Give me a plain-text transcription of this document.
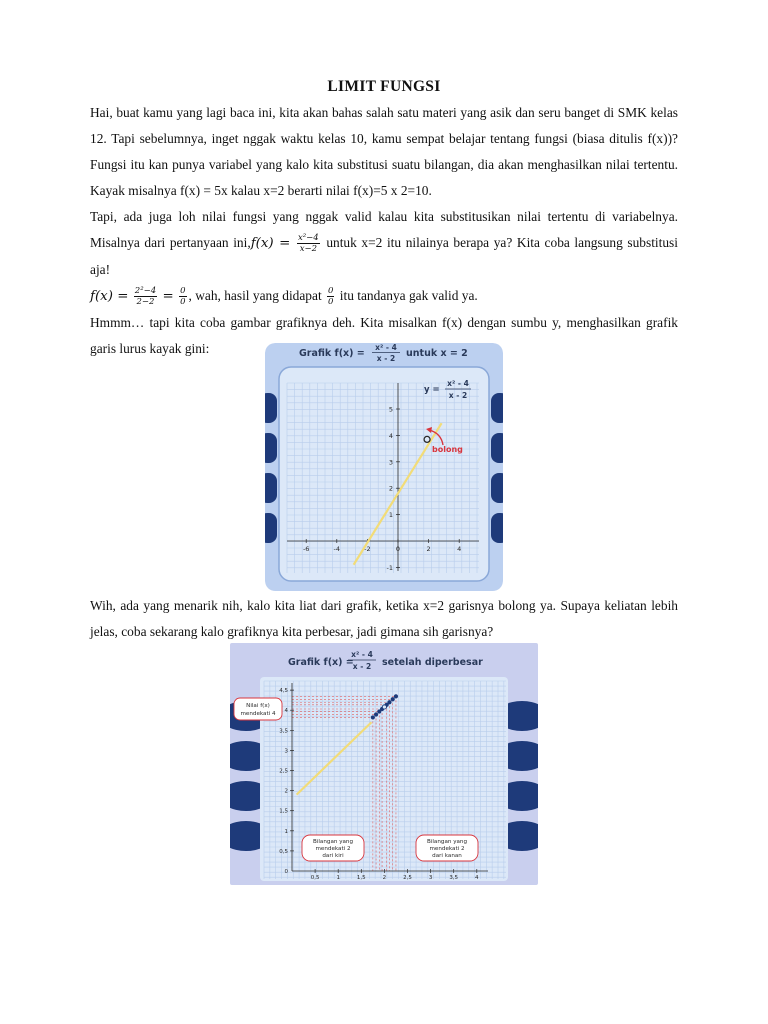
LIMIT FUNGSI

Hai, buat kamu yang lagi baca ini, kita akan bahas salah satu materi yang asik dan seru banget di SMK kelas 12. Tapi sebelumnya, inget nggak waktu kelas 10, kamu sempat belajar tentang fungsi (biasa ditulis f(x))? Fungsi itu kan punya variabel yang kalo kita substitusi suatu bilangan, dia akan menghasilkan nilai tertentu. Kayak misalnya f(x) = 5x kalau x=2 berarti nilai f(x)=5 x 2=10.

Tapi, ada juga loh nilai fungsi yang nggak valid kalau kita substitusikan nilai tertentu di variabelnya. Misalnya dari pertanyaan $ini,f(x) = \frac{\text{x²−4}}{x-2}$ untuk x=2 itu nilainya berapa ya? Kita coba langsung substitusi aja!

$f(x) = \frac{\text{2²−4}}{2-2} = \frac{0}{0}$ , wah, hasil yang didapat $\frac{0}{0}$ itu tandanya gak valid ya.

Hmmm… tapi kita coba gambar grafiknya deh. Kita misalkan f(x) dengan sumbu y, menghasilkan grafik garis lurus kayak gini:	Grafik f(x) =
x² - 4
x - 2 untuk x = 2
-6	-4	-2	0	2	4
5
4
3
2
1
-1
y =
x² - 4
x - 2
bolong

Wih, ada yang menarik nih, kalo kita liat dari grafik, ketika x=2 garisnya bolong ya. Supaya keliatan lebih jelas, coba sekarang kalo grafiknya kita perbesar, jadi gimana sih garisnya?

Grafik f(x) =
x² - 4
x - 2 setelah diperbesar
0,5	1	1,5	2	2,5	3	3,5	4
4,5
4
3,5
3
2,5
2
1,5
1
0,5
0
Nilai f(x)
mendekati 4
Bilangan yang
mendekati 2
dari kiri
Bilangan yang
mendekati 2
dari kanan
